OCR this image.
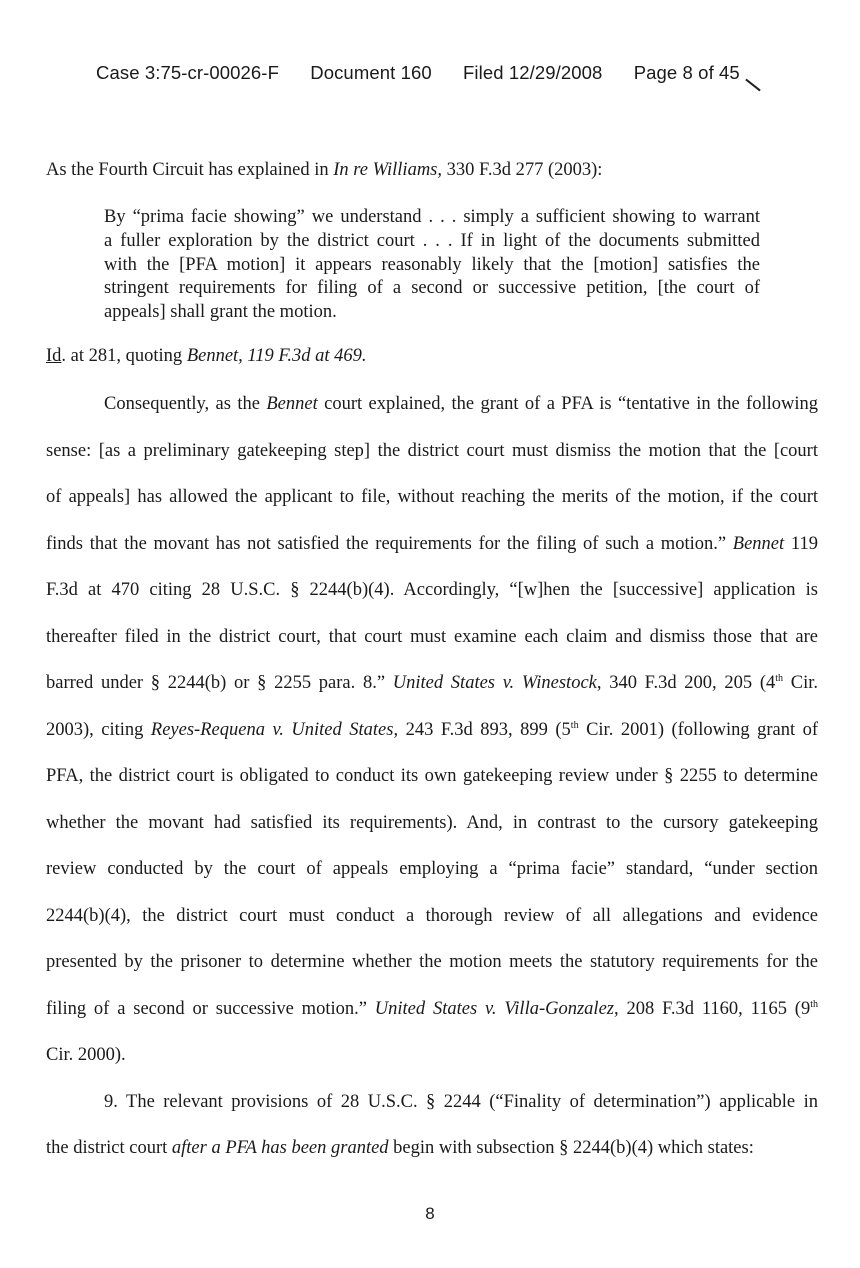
Case 3:75-cr-00026-F Document 160 Filed 12/29/2008 Page 8 of 45
As the Fourth Circuit has explained in In re Williams, 330 F.3d 277 (2003):
By “prima facie showing” we understand . . . simply a sufficient showing to warrant
a fuller exploration by the district court . . . If in light of the documents submitted
with the [PFA motion] it appears reasonably likely that the [motion] satisfies the
stringent requirements for filing of a second or successive petition, [the court of
appeals] shall grant the motion.
Id. at 281, quoting Bennet, 119 F.3d at 469.
Consequently, as the Bennet court explained, the grant of a PFA is “tentative in the following
sense: [as a preliminary gatekeeping step] the district court must dismiss the motion that the [court
of appeals] has allowed the applicant to file, without reaching the merits of the motion, if the court
finds that the movant has not satisfied the requirements for the filing of such a motion.” Bennet 119
F.3d at 470 citing 28 U.S.C. § 2244(b)(4). Accordingly, “[w]hen the [successive] application is
thereafter filed in the district court, that court must examine each claim and dismiss those that are
barred under § 2244(b) or § 2255 para. 8.” United States v. Winestock, 340 F.3d 200, 205 (4th Cir.
2003), citing Reyes-Requena v. United States, 243 F.3d 893, 899 (5th Cir. 2001) (following grant of
PFA, the district court is obligated to conduct its own gatekeeping review under § 2255 to determine
whether the movant had satisfied its requirements). And, in contrast to the cursory gatekeeping
review conducted by the court of appeals employing a “prima facie” standard, “under section
2244(b)(4), the district court must conduct a thorough review of all allegations and evidence
presented by the prisoner to determine whether the motion meets the statutory requirements for the
filing of a second or successive motion.” United States v. Villa-Gonzalez, 208 F.3d 1160, 1165 (9th
Cir. 2000).
9. The relevant provisions of 28 U.S.C. § 2244 (“Finality of determination”) applicable in
the district court after a PFA has been granted begin with subsection § 2244(b)(4) which states:
8
